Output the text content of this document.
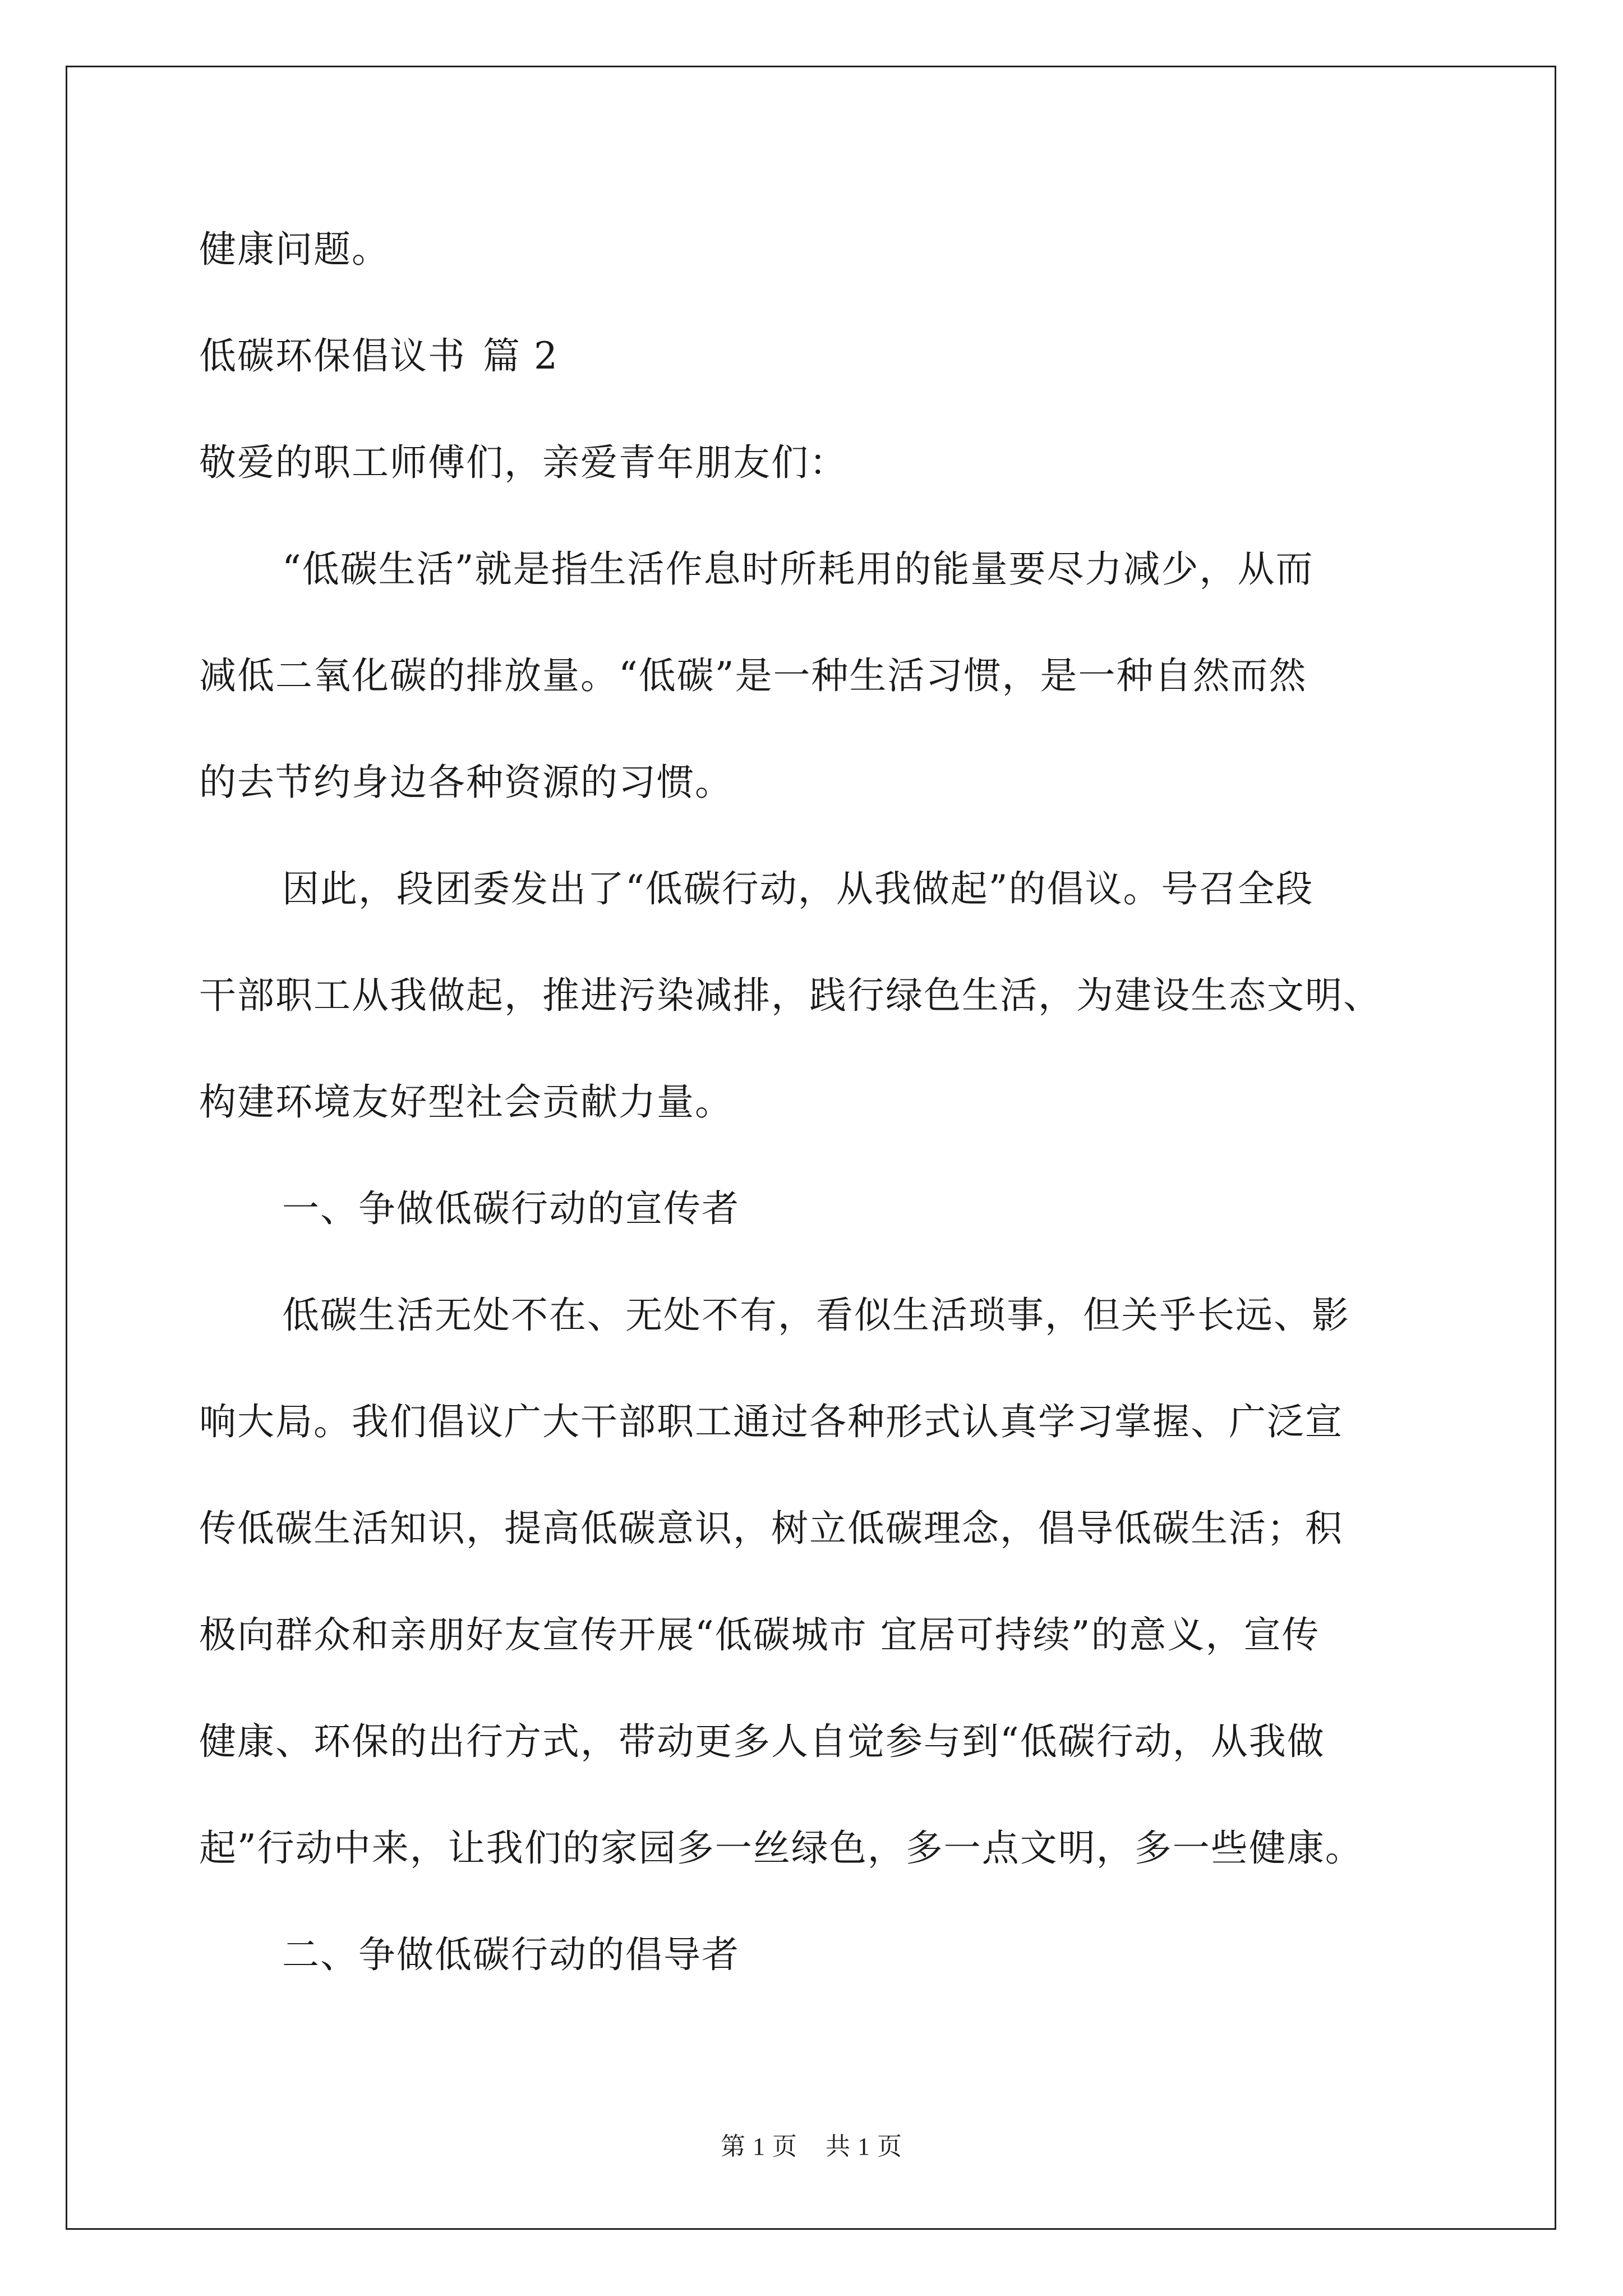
健康问题。
低碳环保倡议书 篇 2
敬爱的职工师傅们，亲爱青年朋友们：
“低碳生活”就是指生活作息时所耗用的能量要尽力减少，从而
减低二氧化碳的排放量。“低碳”是一种生活习惯，是一种自然而然
的去节约身边各种资源的习惯。
因此，段团委发出了“低碳行动，从我做起”的倡议。号召全段
干部职工从我做起，推进污染减排，践行绿色生活，为建设生态文明、
构建环境友好型社会贡献力量。
一、争做低碳行动的宣传者
低碳生活无处不在、无处不有，看似生活琐事，但关乎长远、影
响大局。我们倡议广大干部职工通过各种形式认真学习掌握、广泛宣
传低碳生活知识，提高低碳意识，树立低碳理念，倡导低碳生活；积
极向群众和亲朋好友宣传开展“低碳城市 宜居可持续”的意义，宣传
健康、环保的出行方式，带动更多人自觉参与到“低碳行动，从我做
起”行动中来，让我们的家园多一丝绿色，多一点文明，多一些健康。
二、争做低碳行动的倡导者
第 1 页 共 1 页
